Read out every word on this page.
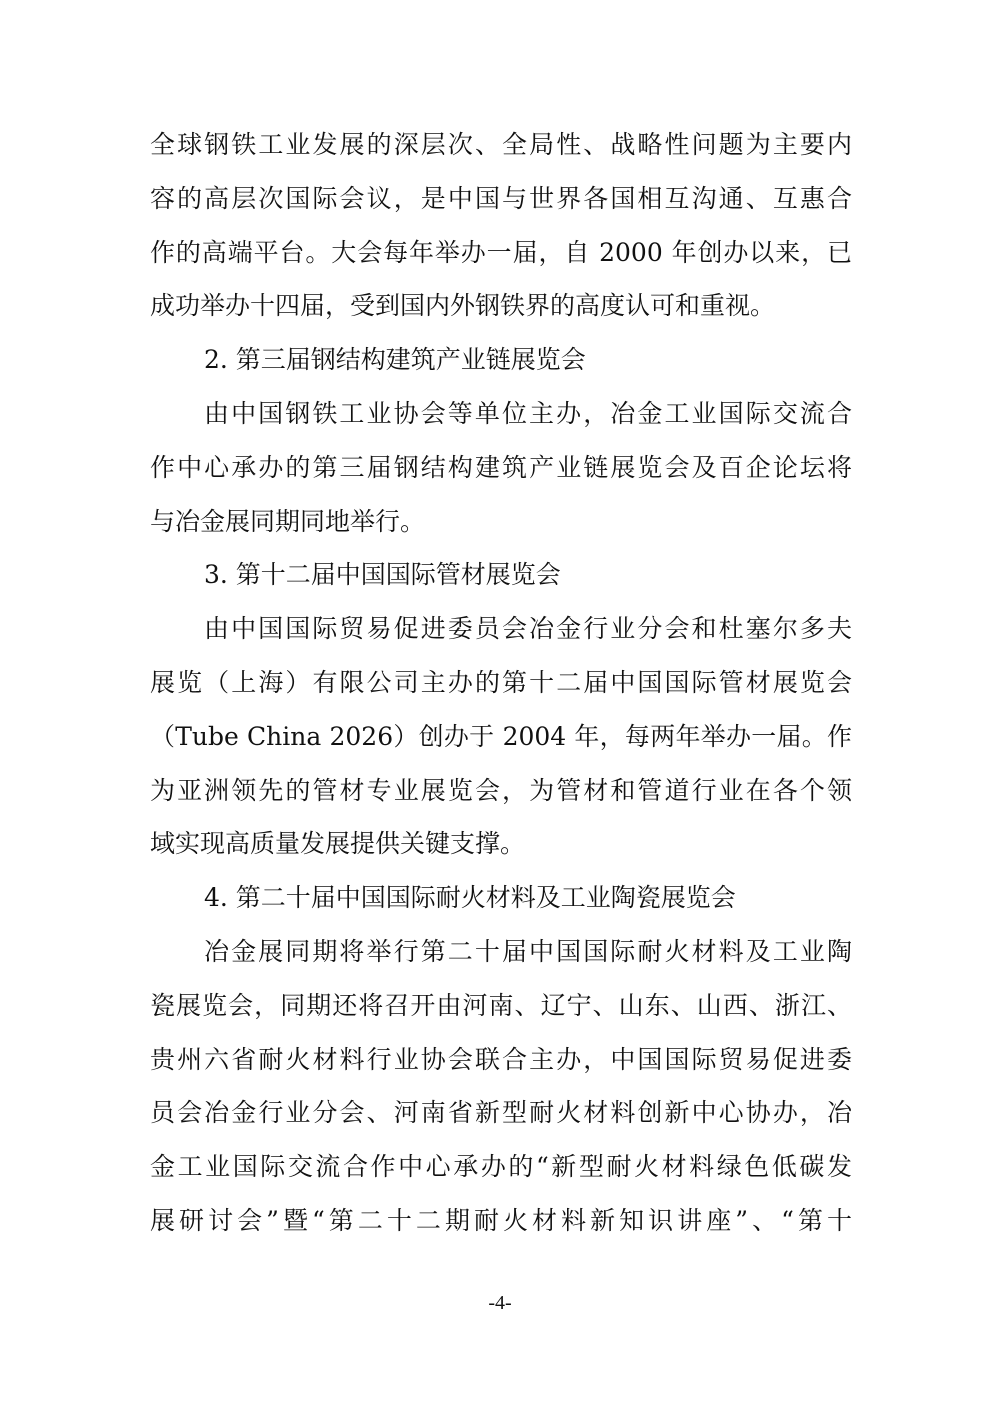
全球钢铁工业发展的深层次、全局性、战略性问题为主要内
容的高层次国际会议，是中国与世界各国相互沟通、互惠合
作的高端平台。大会每年举办一届，自 2000 年创办以来，已
成功举办十四届，受到国内外钢铁界的高度认可和重视。
2. 第三届钢结构建筑产业链展览会
由中国钢铁工业协会等单位主办，冶金工业国际交流合
作中心承办的第三届钢结构建筑产业链展览会及百企论坛将
与冶金展同期同地举行。
3. 第十二届中国国际管材展览会
由中国国际贸易促进委员会冶金行业分会和杜塞尔多夫
展览（上海）有限公司主办的第十二届中国国际管材展览会
（Tube China 2026）创办于 2004 年，每两年举办一届。作
为亚洲领先的管材专业展览会，为管材和管道行业在各个领
域实现高质量发展提供关键支撑。
4. 第二十届中国国际耐火材料及工业陶瓷展览会
冶金展同期将举行第二十届中国国际耐火材料及工业陶
瓷展览会，同期还将召开由河南、辽宁、山东、山西、浙江、
贵州六省耐火材料行业协会联合主办，中国国际贸易促进委
员会冶金行业分会、河南省新型耐火材料创新中心协办，冶
金工业国际交流合作中心承办的“新型耐火材料绿色低碳发
展研讨会”暨“第二十二期耐火材料新知识讲座”、“第十
-4-
